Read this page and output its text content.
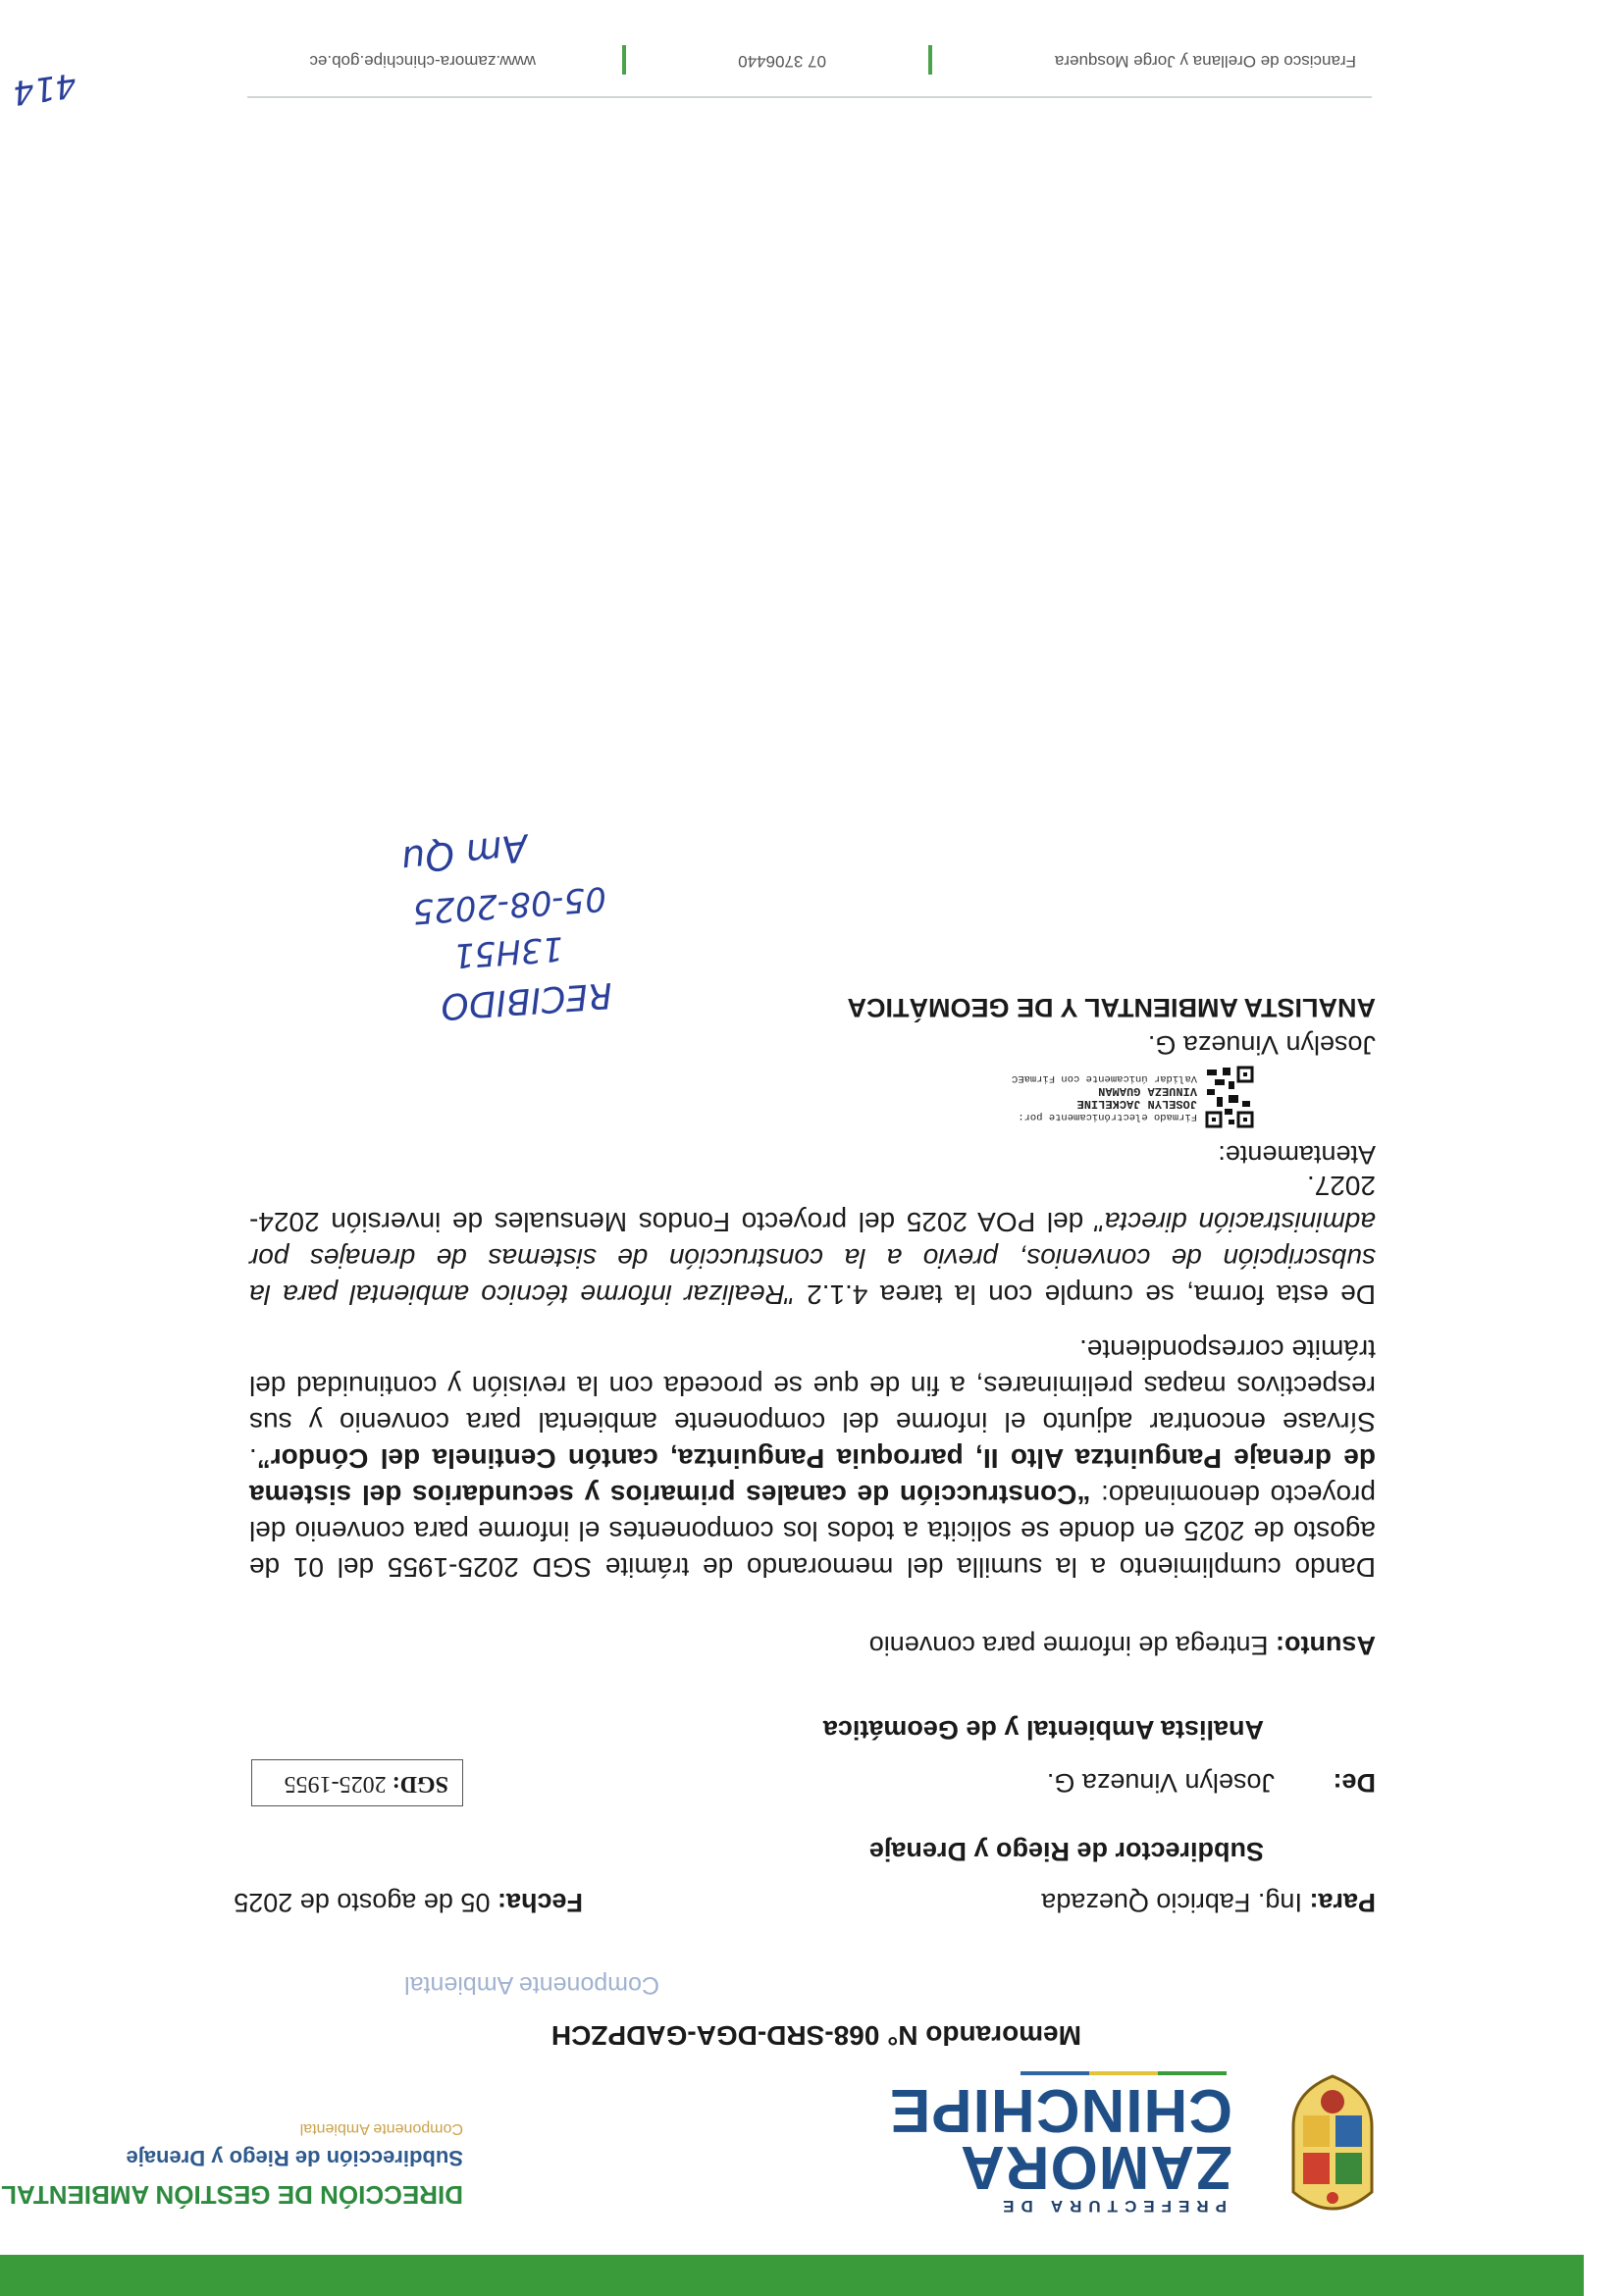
PREFECTURA DE
ZAMORA
CHINCHIPE
DIRECCIÓN DE GESTIÓN AMBIENTAL
Subdirección de Riego y Drenaje
Componente Ambiental
Memorando N° 068-SRD-DGA-GADPZCH
Componente Ambiental
Para: Ing. Fabricio Quezada
Fecha: 05 de agosto de 2025
Subdirector de Riego y Drenaje
De: Joselyn Vinueza G.
SGD: 2025-1955
Analista Ambiental y de Geomática
Asunto: Entrega de informe para convenio
Dando cumplimiento a la sumilla del memorando de trámite SGD 2025-1955 del 01 de agosto de 2025 en donde se solicita a todos los componentes el informe para convenio del proyecto denominado: “Construcción de canales primarios y secundarios del sistema de drenaje Panguintza Alto II, parroquia Panguintza, cantón Centinela del Cóndor”. Sírvase encontrar adjunto el informe del componente ambiental para convenio y sus respectivos mapas preliminares, a fin de que se proceda con la revisión y continuidad del trámite correspondiente.
De esta forma, se cumple con la tarea 4.1.2 "Realizar informe técnico ambiental para la subscripción de convenios, previo a la construcción de sistemas de drenajes por administración directa" del POA 2025 del proyecto Fondos Mensuales de inversión 2024-2027.
Atentamente:
Firmado electrónicamente por:
JOSELYN JACKELINE
VINUEZA GUAMAN
Validar únicamente con FirmaEC
Joselyn Vinueza G.
ANALISTA AMBIENTAL Y DE GEOMÁTICA
RECIBIDO
13H51
05-08-2025
Am Qu
414
Francisco de Orellana y Jorge Mosquera
07 3706440
www.zamora-chinchipe.gob.ec
